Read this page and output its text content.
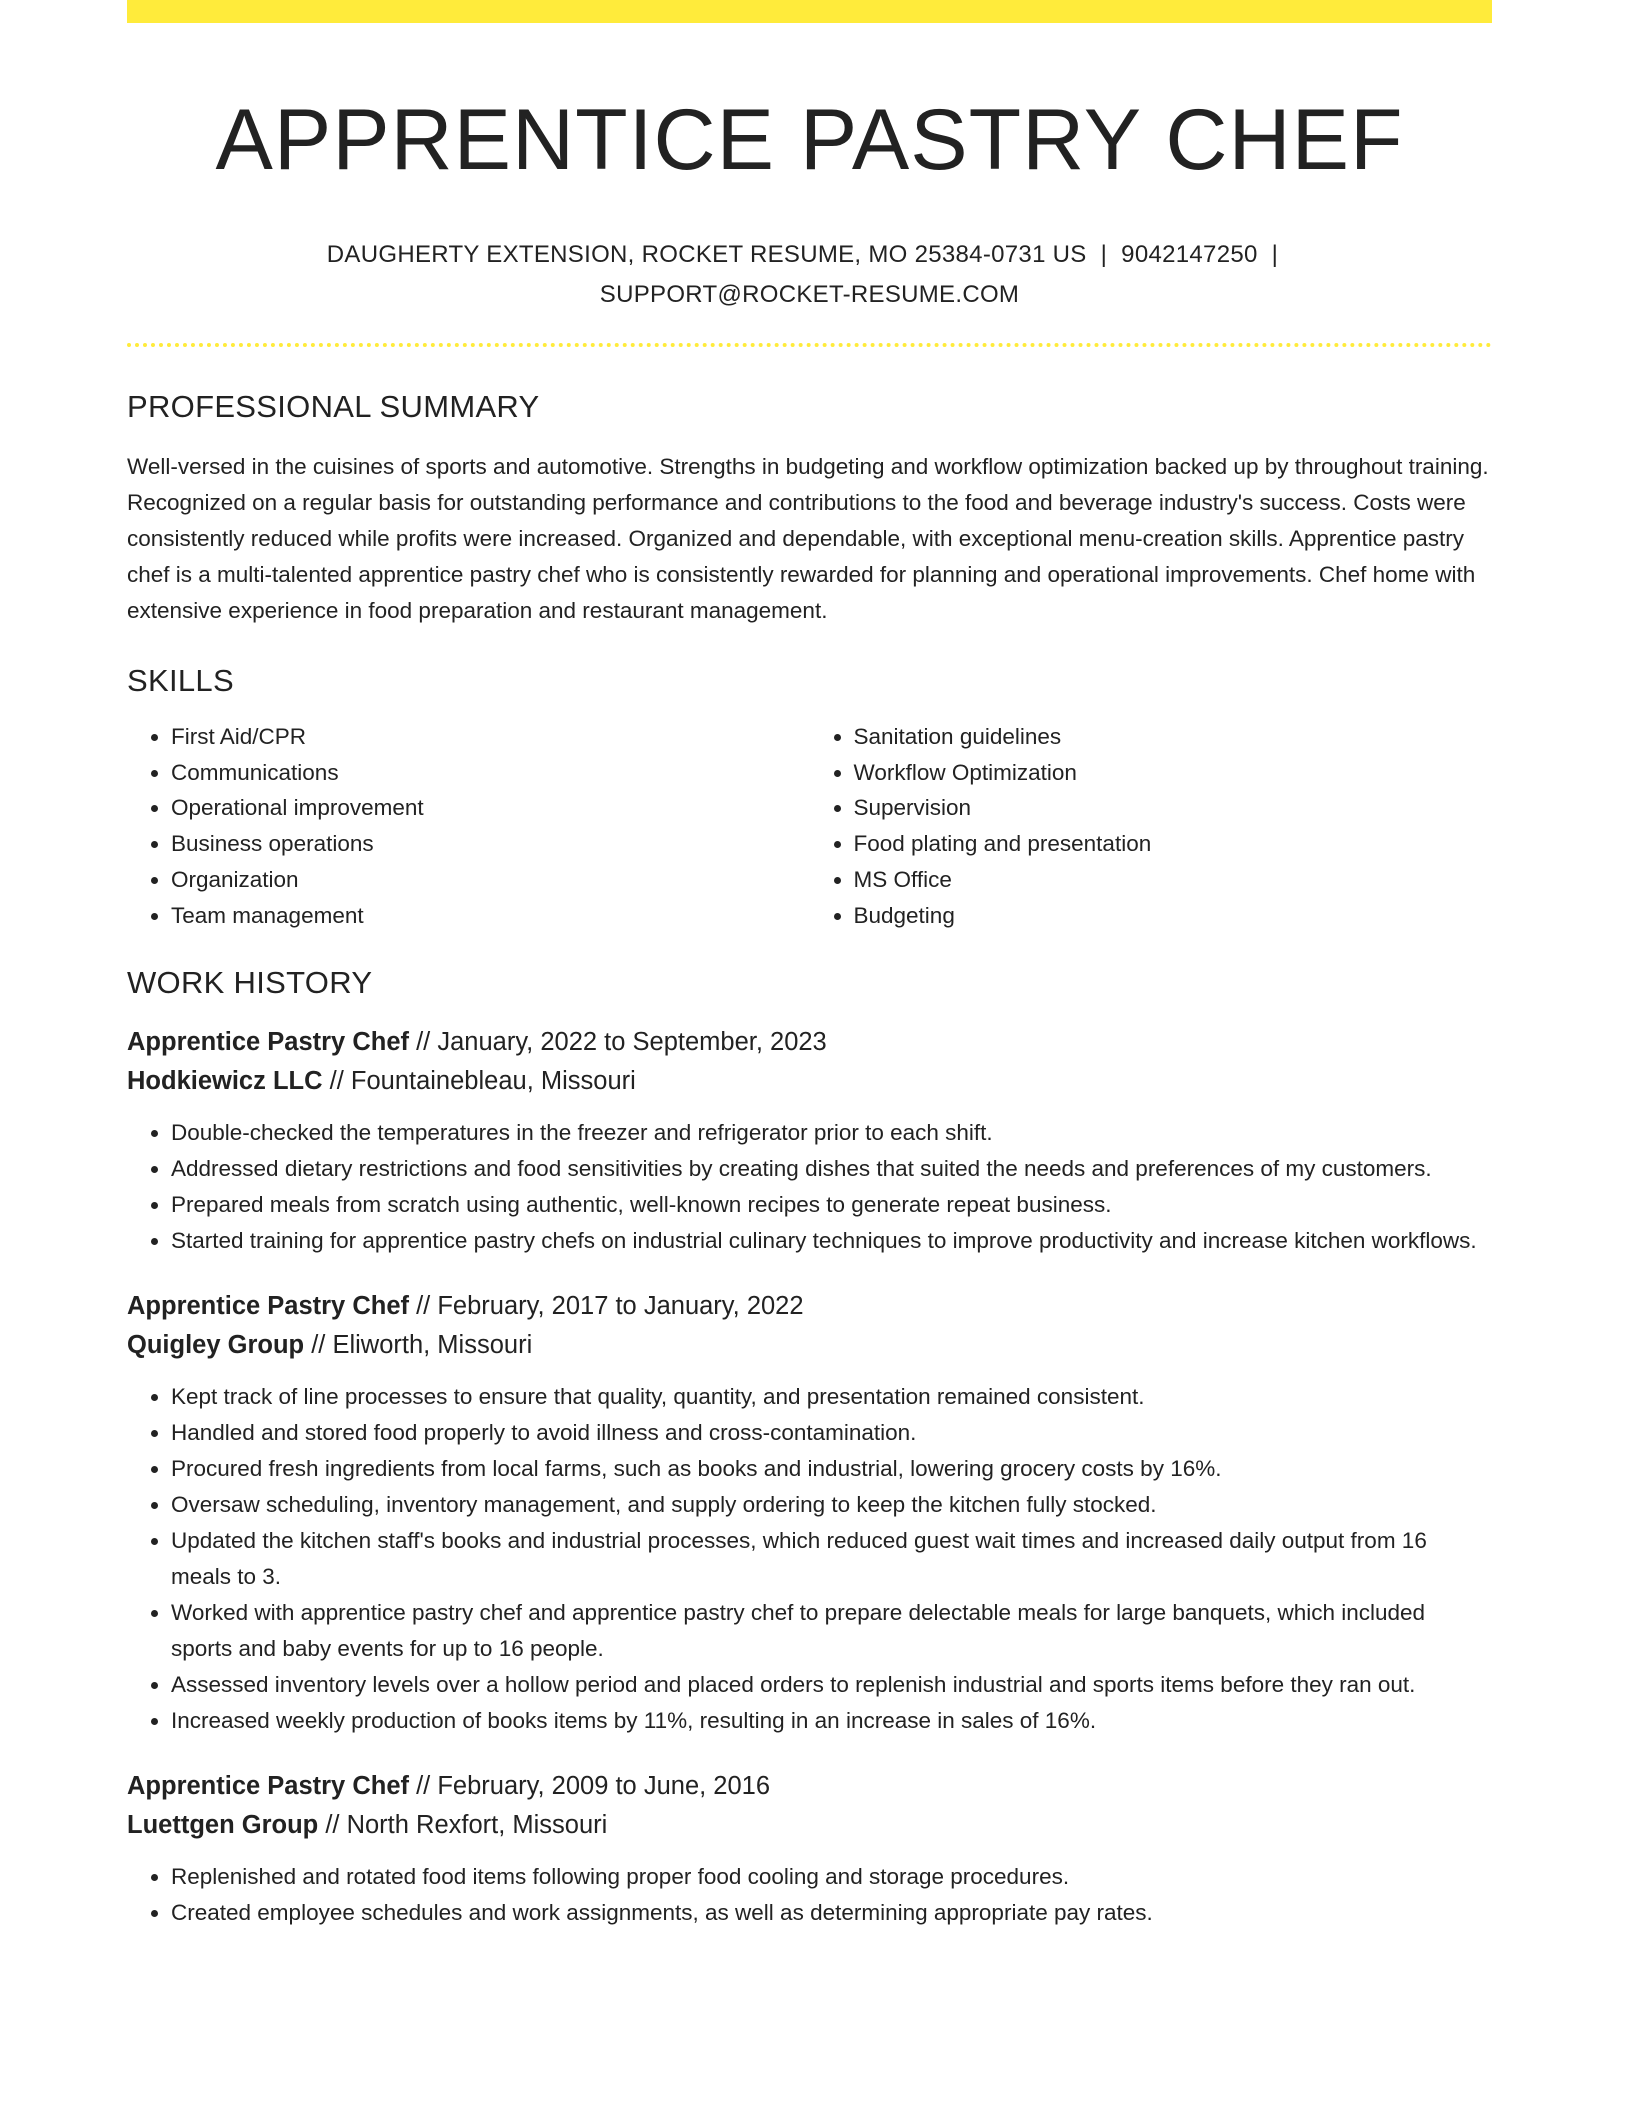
APPRENTICE PASTRY CHEF
DAUGHERTY EXTENSION, ROCKET RESUME, MO 25384-0731 US | 9042147250 |
SUPPORT@ROCKET-RESUME.COM
PROFESSIONAL SUMMARY

Well-versed in the cuisines of sports and automotive. Strengths in budgeting and workflow optimization backed up by throughout training. Recognized on a regular basis for outstanding performance and contributions to the food and beverage industry's success. Costs were consistently reduced while profits were increased. Organized and dependable, with exceptional menu-creation skills. Apprentice pastry chef is a multi-talented apprentice pastry chef who is consistently rewarded for planning and operational improvements. Chef home with extensive experience in food preparation and restaurant management.

SKILLS
• First Aid/CPR
• Communications
• Operational improvement
• Business operations
• Organization
• Team management
• Sanitation guidelines
• Workflow Optimization
• Supervision
• Food plating and presentation
• MS Office
• Budgeting
WORK HISTORY
Apprentice Pastry Chef // January, 2022 to September, 2023
Hodkiewicz LLC // Fountainebleau, Missouri
• Double-checked the temperatures in the freezer and refrigerator prior to each shift.
• Addressed dietary restrictions and food sensitivities by creating dishes that suited the needs and preferences of my customers.
• Prepared meals from scratch using authentic, well-known recipes to generate repeat business.
• Started training for apprentice pastry chefs on industrial culinary techniques to improve productivity and increase kitchen workflows.
Apprentice Pastry Chef // February, 2017 to January, 2022
Quigley Group // Eliworth, Missouri
• Kept track of line processes to ensure that quality, quantity, and presentation remained consistent.
• Handled and stored food properly to avoid illness and cross-contamination.
• Procured fresh ingredients from local farms, such as books and industrial, lowering grocery costs by 16%.
• Oversaw scheduling, inventory management, and supply ordering to keep the kitchen fully stocked.
• Updated the kitchen staff's books and industrial processes, which reduced guest wait times and increased daily output from 16 meals to 3.
• Worked with apprentice pastry chef and apprentice pastry chef to prepare delectable meals for large banquets, which included sports and baby events for up to 16 people.
• Assessed inventory levels over a hollow period and placed orders to replenish industrial and sports items before they ran out.
• Increased weekly production of books items by 11%, resulting in an increase in sales of 16%.
Apprentice Pastry Chef // February, 2009 to June, 2016
Luettgen Group // North Rexfort, Missouri
• Replenished and rotated food items following proper food cooling and storage procedures.
• Created employee schedules and work assignments, as well as determining appropriate pay rates.
